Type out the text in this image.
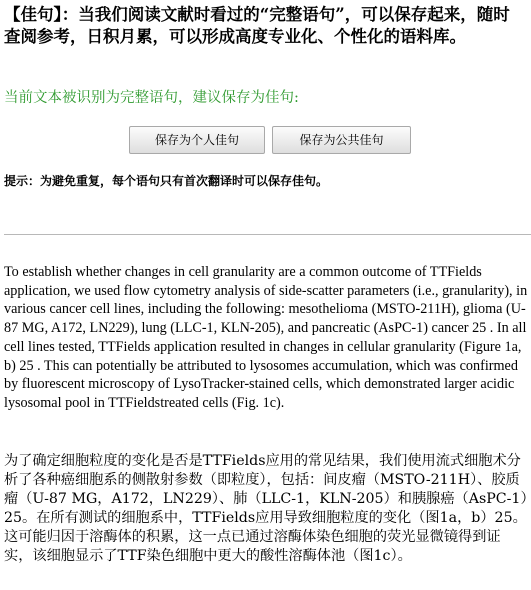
【佳句】：当我们阅读文献时看过的“完整语句”，可以保存起来，随时查阅参考，日积月累，可以形成高度专业化、个性化的语料库。

当前文本被识别为完整语句，建议保存为佳句:

保存为个人佳句	保存为公共佳句

提示：为避免重复，每个语句只有首次翻译时可以保存佳句。

To establish whether changes in cell granularity are a common outcome of TTFields application, we used flow cytometry analysis of side-scatter parameters (i.e., granularity), in various cancer cell lines, including the following: mesothelioma (MSTO-211H), glioma (U-87 MG, A172, LN229), lung (LLC-1, KLN-205), and pancreatic (AsPC-1) cancer 25 . In all cell lines tested, TTFields application resulted in changes in cellular granularity (Figure 1a, b) 25 . This can potentially be attributed to lysosomes accumulation, which was confirmed by fluorescent microscopy of LysoTracker-stained cells, which demonstrated larger acidic lysosomal pool in TTFieldstreated cells (Fig. 1c).

为了确定细胞粒度的变化是否是TTFields应用的常见结果，我们使用流式细胞术分析了各种癌细胞系的侧散射参数（即粒度），包括：间皮瘤（MSTO-211H）、胶质瘤（U-87 MG，A172，LN229）、肺（LLC-1，KLN-205）和胰腺癌（AsPC-1）25。在所有测试的细胞系中，TTFields应用导致细胞粒度的变化（图1a，b）25。这可能归因于溶酶体的积累，这一点已通过溶酶体染色细胞的荧光显微镜得到证实，该细胞显示了TTF染色细胞中更大的酸性溶酶体池（图1c）。
